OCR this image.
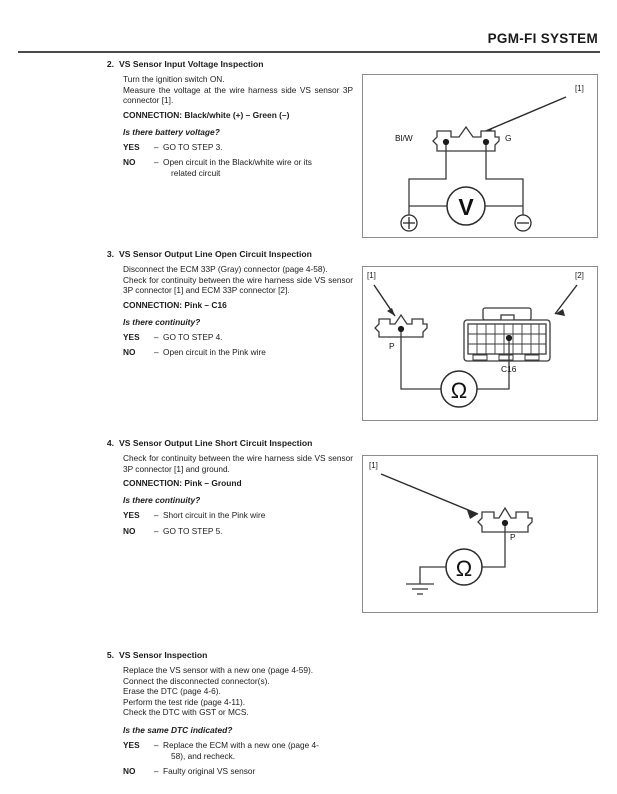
PGM-FI SYSTEM
2. VS Sensor Input Voltage Inspection

Turn the ignition switch ON.

Measure the voltage at the wire harness side VS sensor 3P connector [1].

CONNECTION: Black/white (+) – Green (–)
Is there battery voltage?
YES	– GO TO STEP 3.
NO	– Open circuit in the Black/white wire or its
related circuit
V
[1]
Bl/W	G
3. VS Sensor Output Line Open Circuit Inspection

Disconnect the ECM 33P (Gray) connector (page 4-58).

Check for continuity between the wire harness side VS sensor 3P connector [1] and ECM 33P connector [2].

CONNECTION: Pink – C16
Is there continuity?
YES	– GO TO STEP 4.
NO	– Open circuit in the Pink wire
Ω
[1]	[2]
P
C16
4. VS Sensor Output Line Short Circuit Inspection

Check for continuity between the wire harness side VS sensor 3P connector [1] and ground.

CONNECTION: Pink – Ground
Is there continuity?
YES	– Short circuit in the Pink wire
NO	– GO TO STEP 5.
Ω
[1]
P
5. VS Sensor Inspection

Replace the VS sensor with a new one (page 4-59).

Connect the disconnected connector(s).

Erase the DTC (page 4-6).

Perform the test ride (page 4-11).

Check the DTC with GST or MCS.

Is the same DTC indicated?
YES	– Replace the ECM with a new one (page 4-
58), and recheck.
NO	– Faulty original VS sensor
